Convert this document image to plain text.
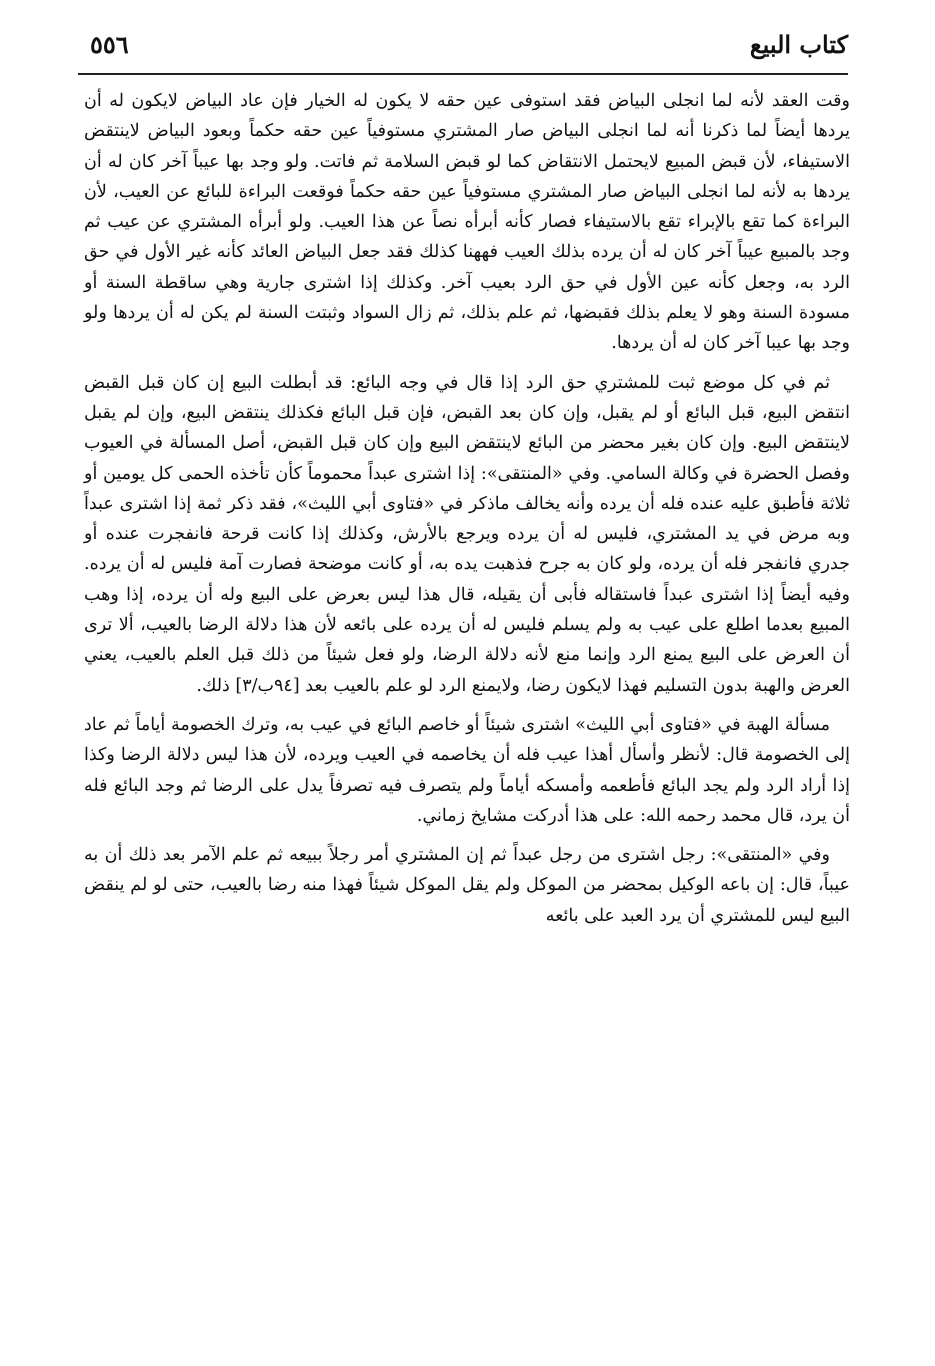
٥٥٦	كتاب البيع

وقت العقد لأنه لما انجلى البياض فقد استوفى عين حقه لا يكون له الخيار فإن عاد البياض لايكون له أن يردها أيضاً لما ذكرنا أنه لما انجلى البياض صار المشتري مستوفياً عين حقه حكماً وبعود البياض لاينتقض الاستيفاء، لأن قبض المبيع لايحتمل الانتقاض كما لو قبض السلامة ثم فاتت. ولو وجد بها عيباً آخر كان له أن يردها به لأنه لما انجلى البياض صار المشتري مستوفياً عين حقه حكماً فوقعت البراءة للبائع عن العيب، لأن البراءة كما تقع بالإبراء تقع بالاستيفاء فصار كأنه أبرأه نصاً عن هذا العيب. ولو أبرأه المشتري عن عيب ثم وجد بالمبيع عيباً آخر كان له أن يرده بذلك العيب فههنا كذلك فقد جعل البياض العائد كأنه غير الأول في حق الرد به، وجعل كأنه عين الأول في حق الرد بعيب آخر. وكذلك إذا اشترى جارية وهي ساقطة السنة أو مسودة السنة وهو لا يعلم بذلك فقبضها، ثم علم بذلك، ثم زال السواد وثبتت السنة لم يكن له أن يردها ولو وجد بها عيبا آخر كان له أن يردها.

ثم في كل موضع ثبت للمشتري حق الرد إذا قال في وجه البائع: قد أبطلت البيع إن كان قبل القبض انتقض البيع، قبل البائع أو لم يقبل، وإن كان بعد القبض، فإن قبل البائع فكذلك ينتقض البيع، وإن لم يقبل لاينتقض البيع. وإن كان بغير محضر من البائع لاينتقض البيع وإن كان قبل القبض، أصل المسألة في العيوب وفصل الحضرة في وكالة السامي. وفي «المنتقى»: إذا اشترى عبداً محموماً كأن تأخذه الحمى كل يومين أو ثلاثة فأطبق عليه عنده فله أن يرده وأنه يخالف ماذكر في «فتاوى أبي الليث»، فقد ذكر ثمة إذا اشترى عبداً وبه مرض في يد المشتري، فليس له أن يرده ويرجع بالأرش، وكذلك إذا كانت قرحة فانفجرت عنده أو جدري فانفجر فله أن يرده، ولو كان به جرح فذهبت يده به، أو كانت موضحة فصارت آمة فليس له أن يرده. وفيه أيضاً إذا اشترى عبداً فاستقاله فأبى أن يقيله، قال هذا ليس بعرض على البيع وله أن يرده، إذا وهب المبيع بعدما اطلع على عيب به ولم يسلم فليس له أن يرده على بائعه لأن هذا دلالة الرضا بالعيب، ألا ترى أن العرض على البيع يمنع الرد وإنما منع لأنه دلالة الرضا، ولو فعل شيئاً من ذلك قبل العلم بالعيب، يعني العرض والهبة بدون التسليم فهذا لايكون رضا، ولايمنع الرد لو علم بالعيب بعد [٩٤ب/٣] ذلك.

مسألة الهبة في «فتاوى أبي الليث» اشترى شيئاً أو خاصم البائع في عيب به، وترك الخصومة أياماً ثم عاد إلى الخصومة قال: لأنظر وأسأل أهذا عيب فله أن يخاصمه في العيب ويرده، لأن هذا ليس دلالة الرضا وكذا إذا أراد الرد ولم يجد البائع فأطعمه وأمسكه أياماً ولم يتصرف فيه تصرفاً يدل على الرضا ثم وجد البائع فله أن يرد، قال محمد رحمه الله: على هذا أدركت مشايخ زماني.

وفي «المنتقى»: رجل اشترى من رجل عبداً ثم إن المشتري أمر رجلاً ببيعه ثم علم الآمر بعد ذلك أن به عيباً، قال: إن باعه الوكيل بمحضر من الموكل ولم يقل الموكل شيئاً فهذا منه رضا بالعيب، حتى لو لم ينقض البيع ليس للمشتري أن يرد العبد على بائعه
